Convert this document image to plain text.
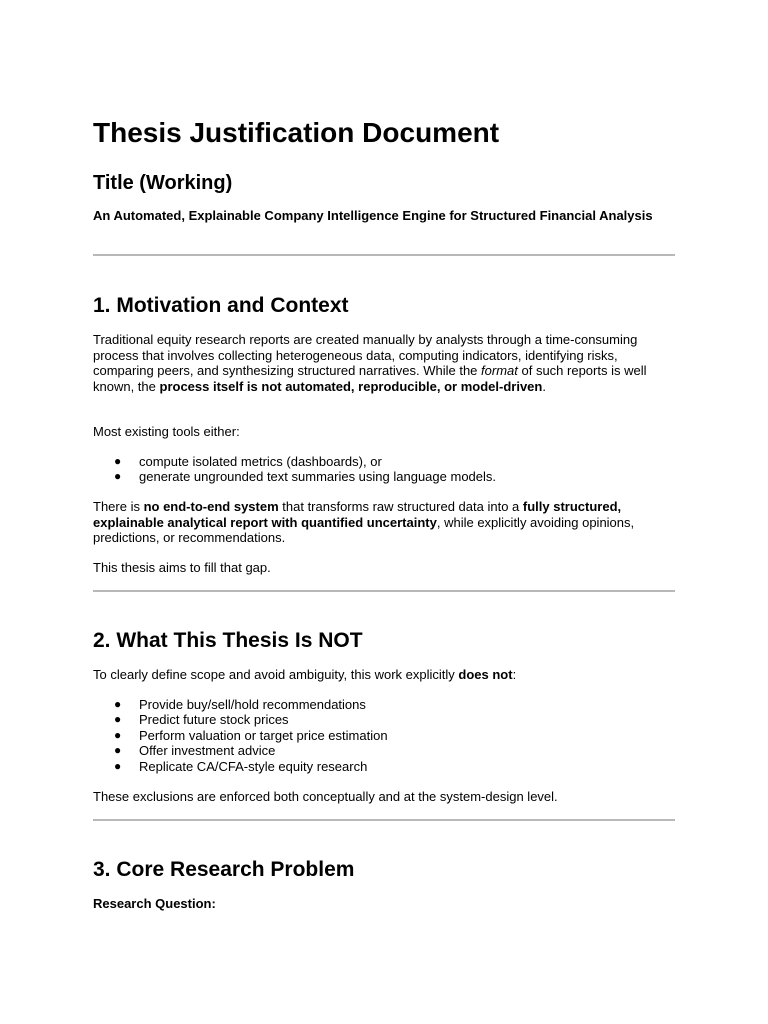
Thesis Justification Document
Title (Working)

An Automated, Explainable Company Intelligence Engine for Structured Financial Analysis

1. Motivation and Context

Traditional equity research reports are created manually by analysts through a time-consuming process that involves collecting heterogeneous data, computing indicators, identifying risks, comparing peers, and synthesizing structured narratives. While the format of such reports is well known, the process itself is not automated, reproducible, or model-driven.

Most existing tools either:

● compute isolated metrics (dashboards), or
● generate ungrounded text summaries using language models.

There is no end-to-end system that transforms raw structured data into a fully structured, explainable analytical report with quantified uncertainty, while explicitly avoiding opinions, predictions, or recommendations.

This thesis aims to fill that gap.

2. What This Thesis Is NOT

To clearly define scope and avoid ambiguity, this work explicitly does not:

● Provide buy/sell/hold recommendations
● Predict future stock prices
● Perform valuation or target price estimation
● Offer investment advice
● Replicate CA/CFA-style equity research

These exclusions are enforced both conceptually and at the system-design level.

3. Core Research Problem

Research Question:
